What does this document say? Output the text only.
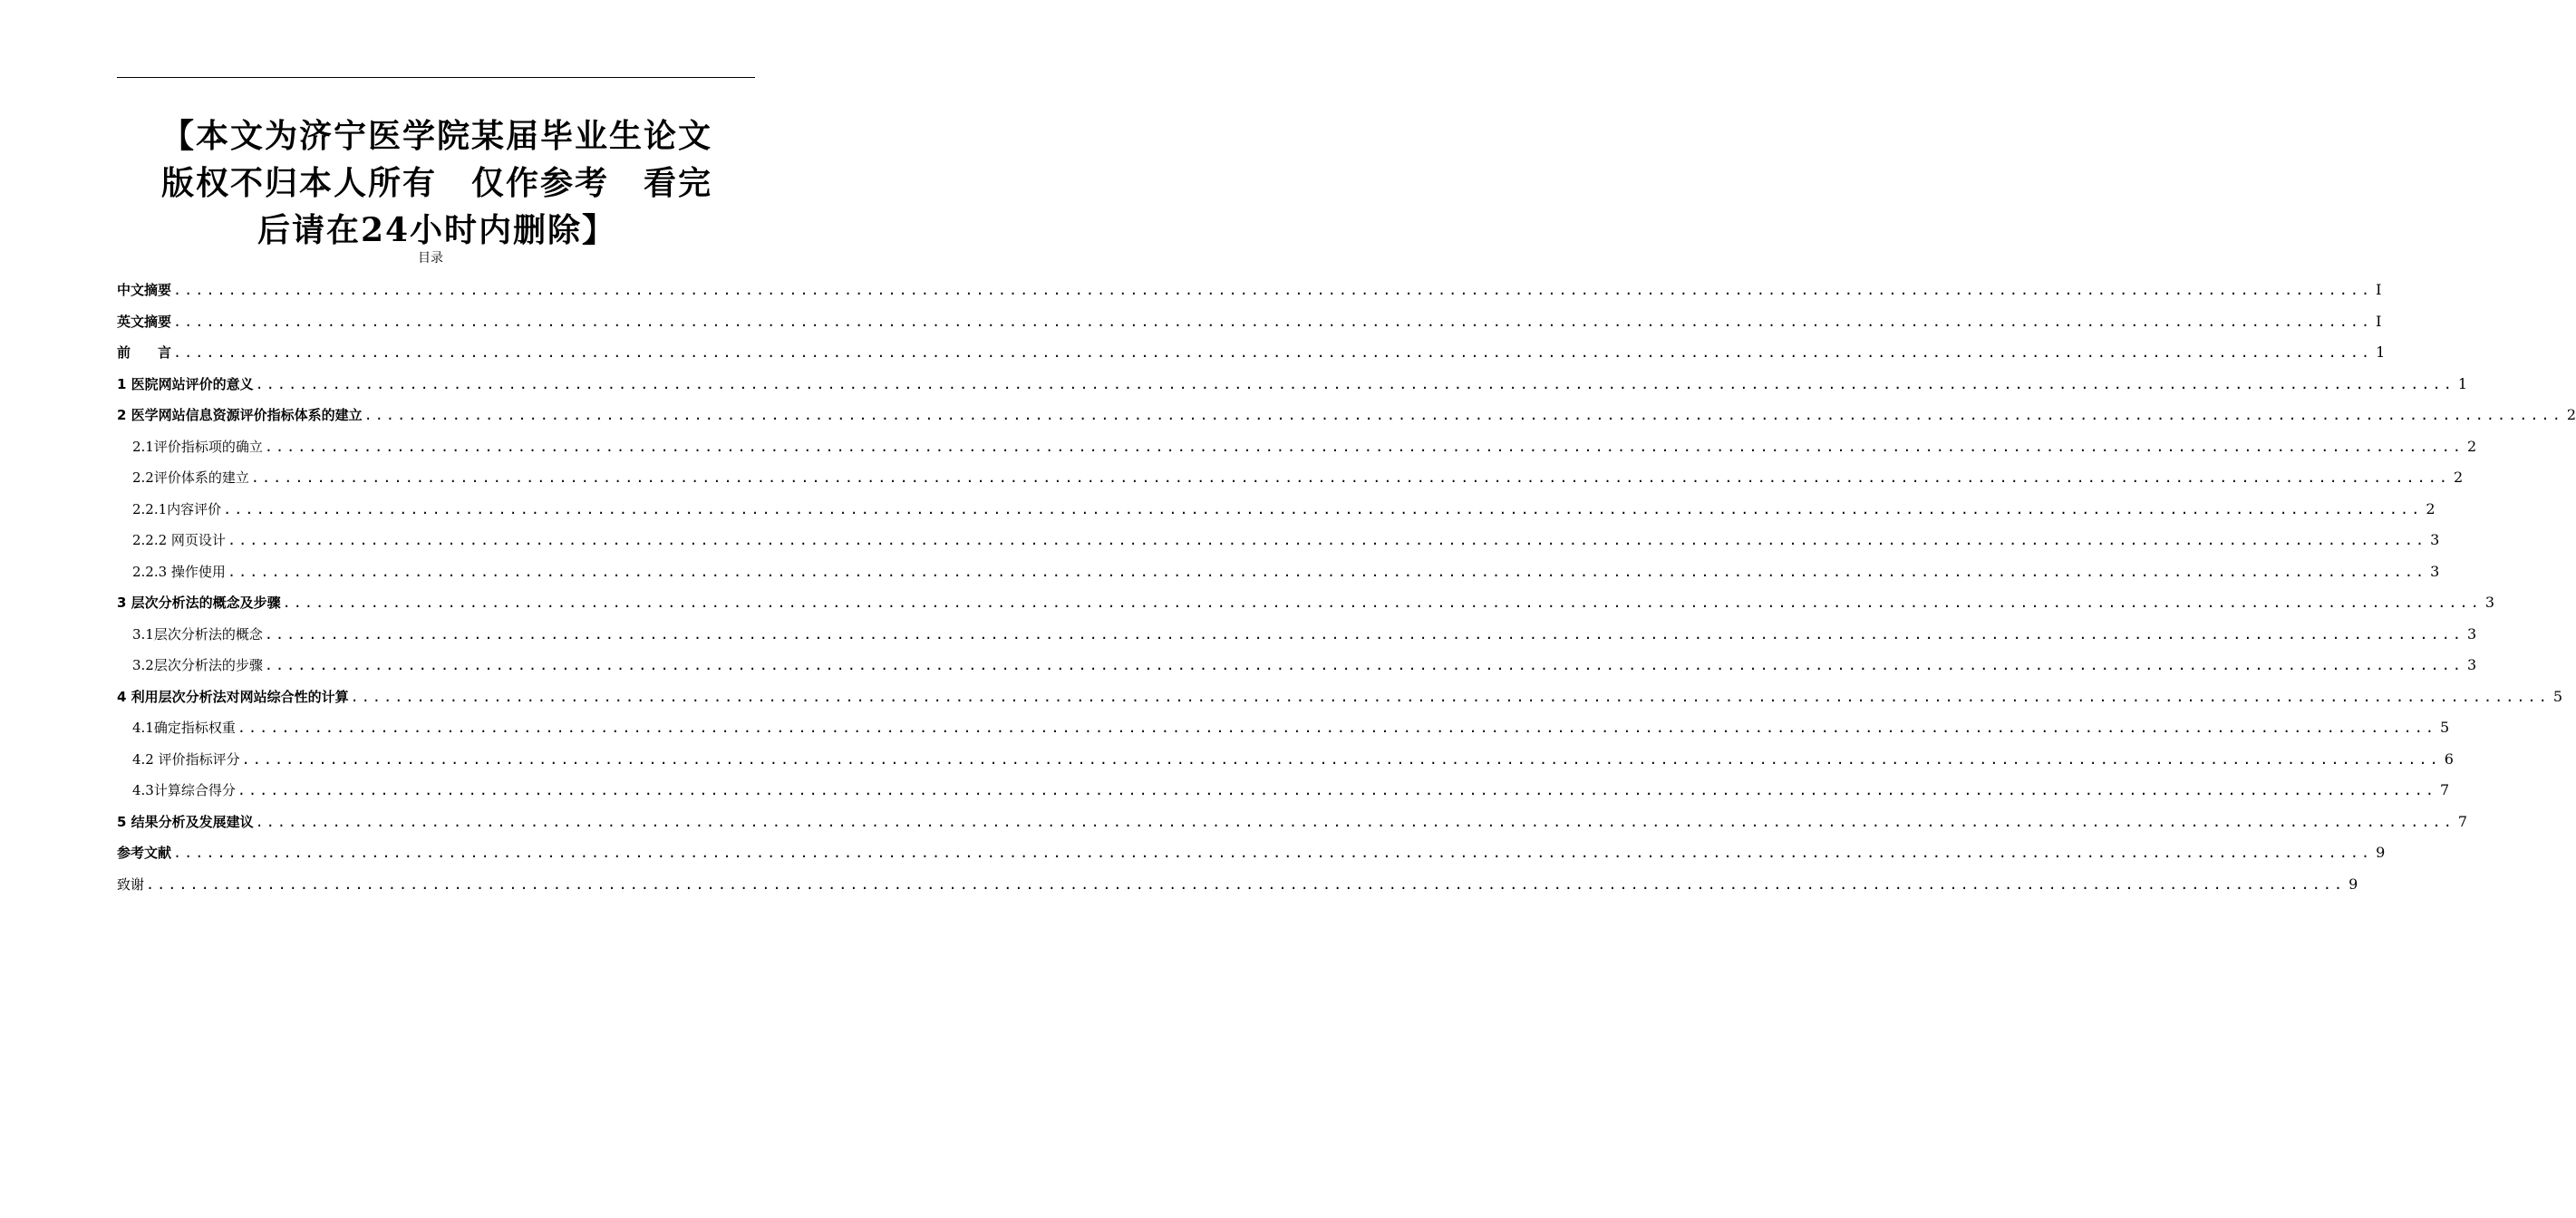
【本文为济宁医学院某届毕业生论文
版权不归本人所有　仅作参考　看完
后请在24小时内删除】
目录
中文摘要 ........................................................................................................................................................................................................ I
英文摘要 ........................................................................................................................................................................................................ I
前　　言 ........................................................................................................................................................................................................ 1
1 医院网站评价的意义 ........................................................................................................................................................................................................ 1
2 医学网站信息资源评价指标体系的建立 ........................................................................................................................................................................................................ 2
2.1评价指标项的确立 ........................................................................................................................................................................................................ 2
2.2评价体系的建立 ........................................................................................................................................................................................................ 2
2.2.1内容评价 ........................................................................................................................................................................................................ 2
2.2.2 网页设计 ........................................................................................................................................................................................................ 3
2.2.3 操作使用 ........................................................................................................................................................................................................ 3
3 层次分析法的概念及步骤 ........................................................................................................................................................................................................ 3
3.1层次分析法的概念 ........................................................................................................................................................................................................ 3
3.2层次分析法的步骤 ........................................................................................................................................................................................................ 3
4 利用层次分析法对网站综合性的计算 ........................................................................................................................................................................................................ 5
4.1确定指标权重 ........................................................................................................................................................................................................ 5
4.2 评价指标评分 ........................................................................................................................................................................................................ 6
4.3计算综合得分 ........................................................................................................................................................................................................ 7
5 结果分析及发展建议 ........................................................................................................................................................................................................ 7
参考文献 ........................................................................................................................................................................................................ 9
致谢 ........................................................................................................................................................................................................ 9
